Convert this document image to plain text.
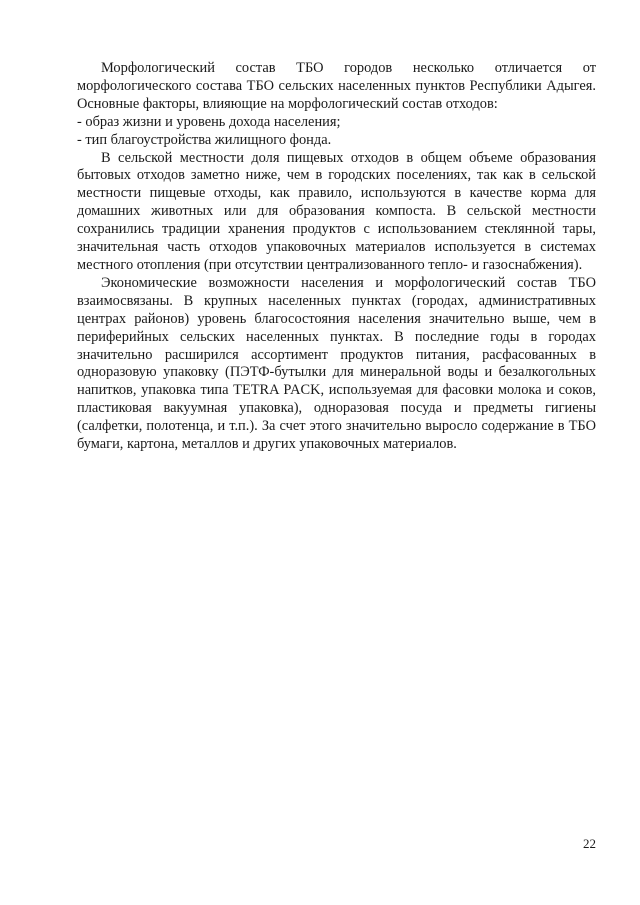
Морфологический состав ТБО городов несколько отличается от морфологического состава ТБО сельских населенных пунктов Республики Адыгея. Основные факторы, влияющие на морфологический состав отходов:

- образ жизни и уровень дохода населения;

- тип благоустройства жилищного фонда.

В сельской местности доля пищевых отходов в общем объеме образования бытовых отходов заметно ниже, чем в городских поселениях, так как в сельской местности пищевые отходы, как правило, используются в качестве корма для домашних животных или для образования компоста. В сельской местности сохранились традиции хранения продуктов с использованием стеклянной тары, значительная часть отходов упаковочных материалов используется в системах местного отопления (при отсутствии централизованного тепло- и газоснабжения).

Экономические возможности населения и морфологический состав ТБО взаимосвязаны. В крупных населенных пунктах (городах, административных центрах районов) уровень благосостояния населения значительно выше, чем в периферийных сельских населенных пунктах. В последние годы в городах значительно расширился ассортимент продуктов питания, расфасованных в одноразовую упаковку (ПЭТФ-бутылки для минеральной воды и безалкогольных напитков, упаковка типа TETRA PACK, используемая для фасовки молока и соков, пластиковая вакуумная упаковка), одноразовая посуда и предметы гигиены (салфетки, полотенца, и т.п.). За счет этого значительно выросло содержание в ТБО бумаги, картона, металлов и других упаковочных материалов.

22
